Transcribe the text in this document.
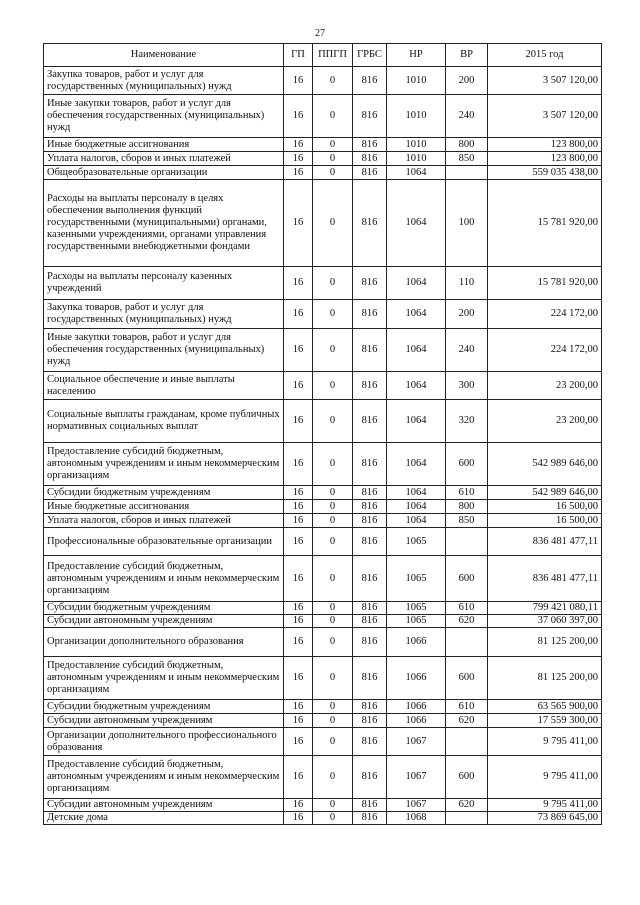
27
Наименование	ГП	ППГП	ГРБС	НР	ВР	2015 год
Закупка товаров, работ и услуг для государственных (муниципальных) нужд	16	0	816	1010	200	3 507 120,00
Иные закупки товаров, работ и услуг для обеспечения государственных (муниципальных) нужд	16	0	816	1010	240	3 507 120,00
Иные бюджетные ассигнования	16	0	816	1010	800	123 800,00
Уплата налогов, сборов и иных платежей	16	0	816	1010	850	123 800,00
Общеобразовательные организации	16	0	816	1064		559 035 438,00
Расходы на выплаты персоналу в целях обеспечения выполнения функций государственными (муниципальными) органами, казенными учреждениями, органами управления государственными внебюджетными фондами	16	0	816	1064	100	15 781 920,00
Расходы на выплаты персоналу казенных учреждений	16	0	816	1064	110	15 781 920,00
Закупка товаров, работ и услуг для государственных (муниципальных) нужд	16	0	816	1064	200	224 172,00
Иные закупки товаров, работ и услуг для обеспечения государственных (муниципальных) нужд	16	0	816	1064	240	224 172,00
Социальное обеспечение и иные выплаты населению	16	0	816	1064	300	23 200,00
Социальные выплаты гражданам, кроме публичных нормативных социальных выплат	16	0	816	1064	320	23 200,00
Предоставление субсидий бюджетным, автономным учреждениям и иным некоммерческим организациям	16	0	816	1064	600	542 989 646,00
Субсидии бюджетным учреждениям	16	0	816	1064	610	542 989 646,00
Иные бюджетные ассигнования	16	0	816	1064	800	16 500,00
Уплата налогов, сборов и иных платежей	16	0	816	1064	850	16 500,00
Профессиональные образовательные организации	16	0	816	1065		836 481 477,11
Предоставление субсидий бюджетным, автономным учреждениям и иным некоммерческим организациям	16	0	816	1065	600	836 481 477,11
Субсидии бюджетным учреждениям	16	0	816	1065	610	799 421 080,11
Субсидии автономным учреждениям	16	0	816	1065	620	37 060 397,00
Организации дополнительного образования	16	0	816	1066		81 125 200,00
Предоставление субсидий бюджетным, автономным учреждениям и иным некоммерческим организациям	16	0	816	1066	600	81 125 200,00
Субсидии бюджетным учреждениям	16	0	816	1066	610	63 565 900,00
Субсидии автономным учреждениям	16	0	816	1066	620	17 559 300,00
Организации дополнительного профессионального образования	16	0	816	1067		9 795 411,00
Предоставление субсидий бюджетным, автономным учреждениям и иным некоммерческим организациям	16	0	816	1067	600	9 795 411,00
Субсидии автономным учреждениям	16	0	816	1067	620	9 795 411,00
Детские дома	16	0	816	1068		73 869 645,00
